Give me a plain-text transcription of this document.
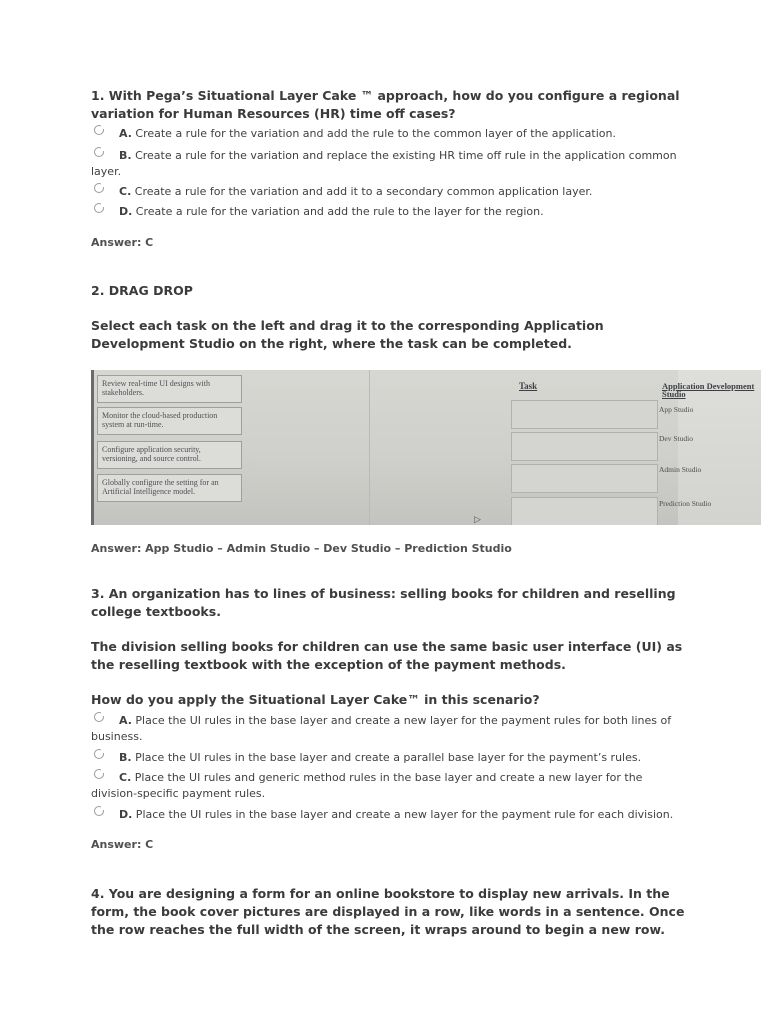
1. With Pega’s Situational Layer Cake ™ approach, how do you configure a regional variation for Human Resources (HR) time off cases?
A. Create a rule for the variation and add the rule to the common layer of the application.
B. Create a rule for the variation and replace the existing HR time off rule in the application common layer.
C. Create a rule for the variation and add it to a secondary common application layer.
D. Create a rule for the variation and add the rule to the layer for the region.
Answer: C
2. DRAG DROP
Select each task on the left and drag it to the corresponding Application Development Studio on the right, where the task can be completed.
Review real-time UI designs with stakeholders.
Monitor the cloud-based production system at run-time.
Configure application security, versioning, and source control.
Globally configure the setting for an Artificial Intelligence model.
Task	Application Development Studio
App Studio
Dev Studio
Admin Studio
Prediction Studio
▷
Answer: App Studio – Admin Studio – Dev Studio – Prediction Studio
3. An organization has to lines of business: selling books for children and reselling college textbooks.
The division selling books for children can use the same basic user interface (UI) as the reselling textbook with the exception of the payment methods.
How do you apply the Situational Layer Cake™ in this scenario?
A. Place the UI rules in the base layer and create a new layer for the payment rules for both lines of business.
B. Place the UI rules in the base layer and create a parallel base layer for the payment’s rules.
C. Place the UI rules and generic method rules in the base layer and create a new layer for the division-specific payment rules.
D. Place the UI rules in the base layer and create a new layer for the payment rule for each division.
Answer: C
4. You are designing a form for an online bookstore to display new arrivals. In the form, the book cover pictures are displayed in a row, like words in a sentence. Once the row reaches the full width of the screen, it wraps around to begin a new row.
